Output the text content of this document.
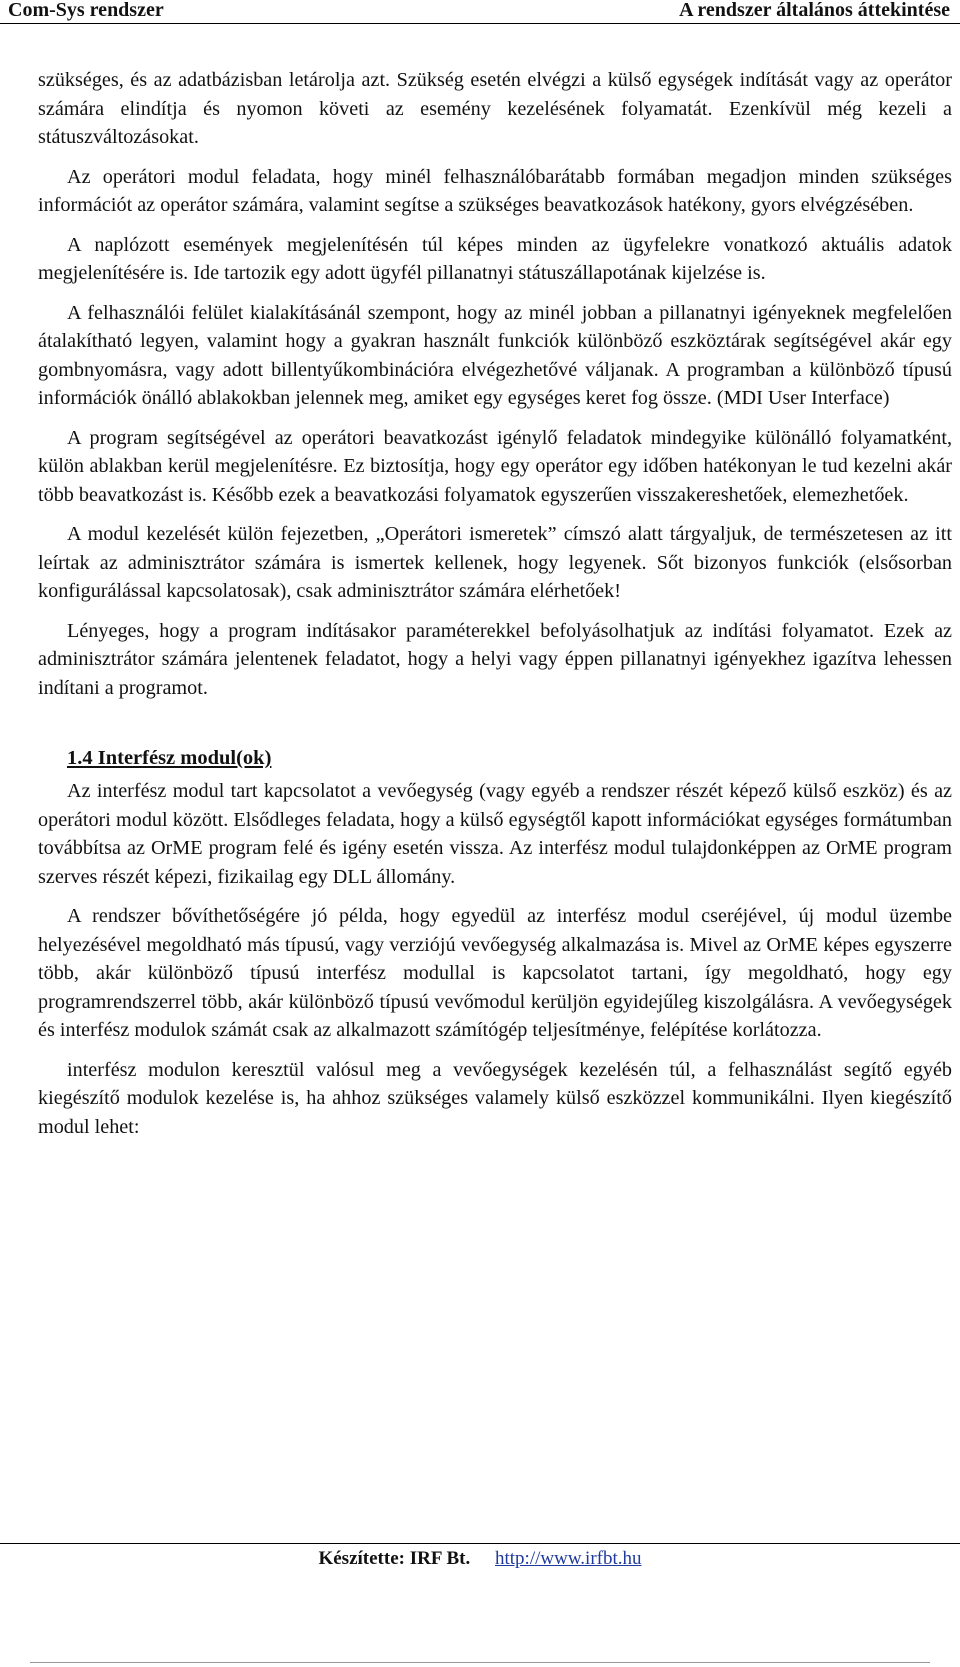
Com-Sys rendszer	A rendszer általános áttekintése

szükséges, és az adatbázisban letárolja azt. Szükség esetén elvégzi a külső egységek indítását vagy az operátor számára elindítja és nyomon követi az esemény kezelésének folyamatát. Ezenkívül még kezeli a státuszváltozásokat.

Az operátori modul feladata, hogy minél felhasználóbarátabb formában megadjon minden szükséges információt az operátor számára, valamint segítse a szükséges beavatkozások hatékony, gyors elvégzésében.

A naplózott események megjelenítésén túl képes minden az ügyfelekre vonatkozó aktuális adatok megjelenítésére is. Ide tartozik egy adott ügyfél pillanatnyi státuszállapotának kijelzése is.

A felhasználói felület kialakításánál szempont, hogy az minél jobban a pillanatnyi igényeknek megfelelően átalakítható legyen, valamint hogy a gyakran használt funkciók különböző eszköztárak segítségével akár egy gombnyomásra, vagy adott billentyűkombinációra elvégezhetővé váljanak. A programban a különböző típusú információk önálló ablakokban jelennek meg, amiket egy egységes keret fog össze. (MDI User Interface)

A program segítségével az operátori beavatkozást igénylő feladatok mindegyike különálló folyamatként, külön ablakban kerül megjelenítésre. Ez biztosítja, hogy egy operátor egy időben hatékonyan le tud kezelni akár több beavatkozást is. Később ezek a beavatkozási folyamatok egyszerűen visszakereshetőek, elemezhetőek.

A modul kezelését külön fejezetben, „Operátori ismeretek” címszó alatt tárgyaljuk, de természetesen az itt leírtak az adminisztrátor számára is ismertek kellenek, hogy legyenek. Sőt bizonyos funkciók (elsősorban konfigurálással kapcsolatosak), csak adminisztrátor számára elérhetőek!

Lényeges, hogy a program indításakor paraméterekkel befolyásolhatjuk az indítási folyamatot. Ezek az adminisztrátor számára jelentenek feladatot, hogy a helyi vagy éppen pillanatnyi igényekhez igazítva lehessen indítani a programot.

1.4 Interfész modul(ok)

Az interfész modul tart kapcsolatot a vevőegység (vagy egyéb a rendszer részét képező külső eszköz) és az operátori modul között. Elsődleges feladata, hogy a külső egységtől kapott információkat egységes formátumban továbbítsa az OrME program felé és igény esetén vissza. Az interfész modul tulajdonképpen az OrME program szerves részét képezi, fizikailag egy DLL állomány.

A rendszer bővíthetőségére jó példa, hogy egyedül az interfész modul cseréjével, új modul üzembe helyezésével megoldható más típusú, vagy verziójú vevőegység alkalmazása is. Mivel az OrME képes egyszerre több, akár különböző típusú interfész modullal is kapcsolatot tartani, így megoldható, hogy egy programrendszerrel több, akár különböző típusú vevőmodul kerüljön egyidejűleg kiszolgálásra. A vevőegységek és interfész modulok számát csak az alkalmazott számítógép teljesítménye, felépítése korlátozza.

interfész modulon keresztül valósul meg a vevőegységek kezelésén túl, a felhasználást segítő egyéb kiegészítő modulok kezelése is, ha ahhoz szükséges valamely külső eszközzel kommunikálni. Ilyen kiegészítő modul lehet:

Készítette: IRF Bt. http://www.irfbt.hu
